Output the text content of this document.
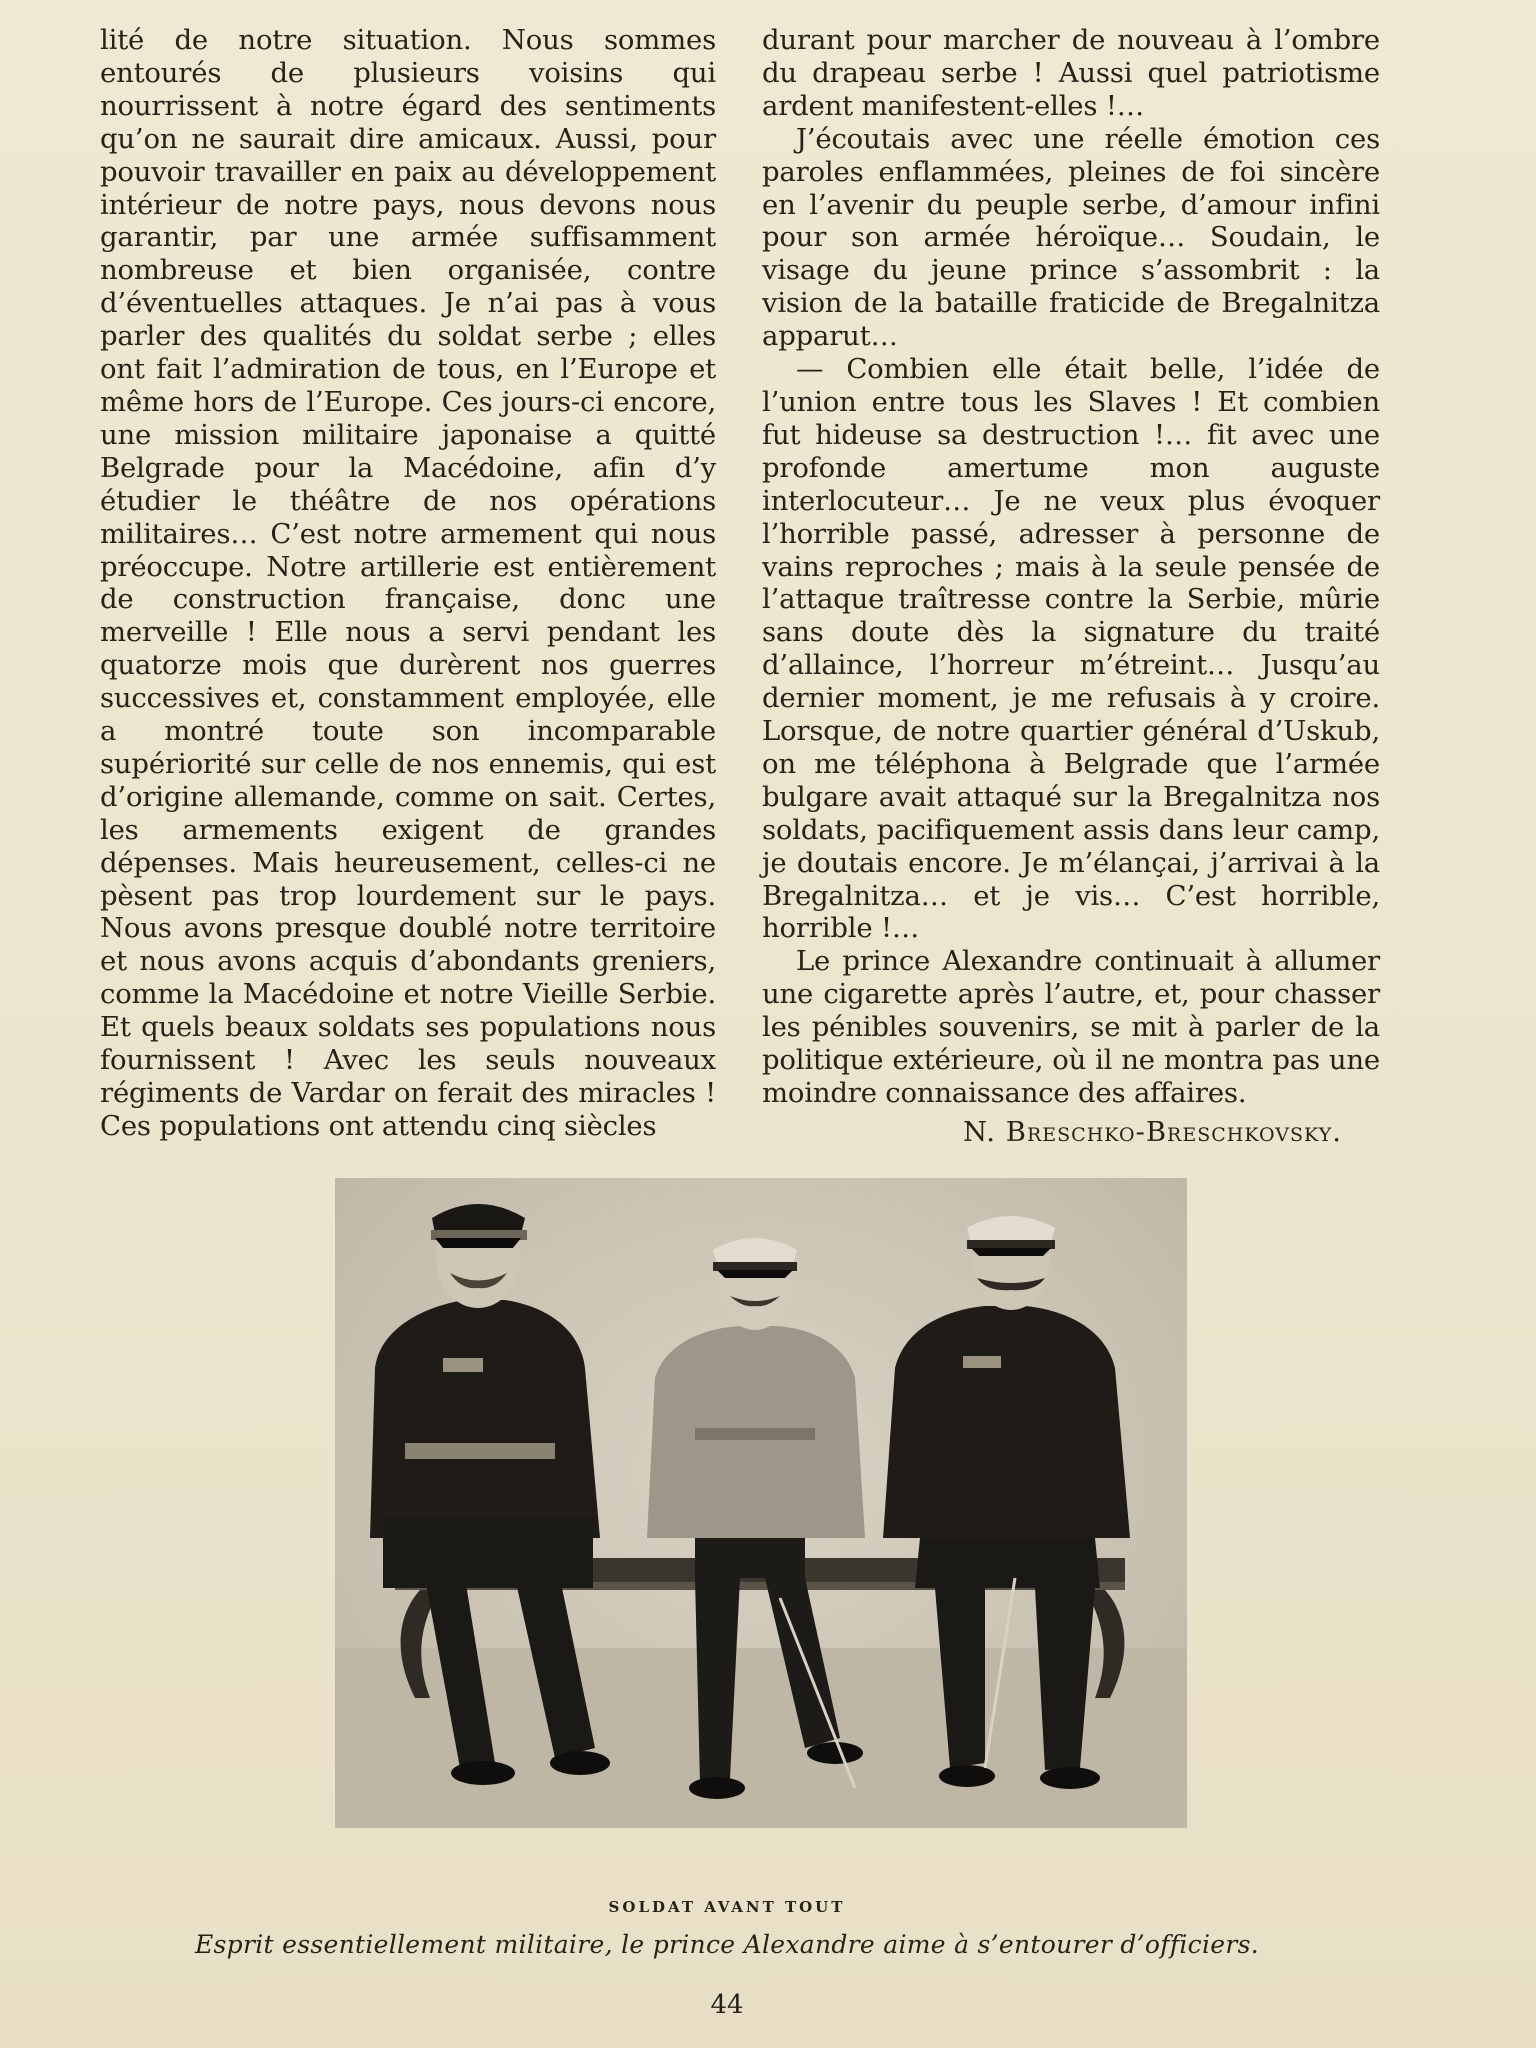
lité de notre situation. Nous sommes entourés de plusieurs voisins qui nourrissent à notre égard des sentiments qu’on ne saurait dire amicaux. Aussi, pour pouvoir travailler en paix au développement intérieur de notre pays, nous devons nous garantir, par une armée suffisamment nombreuse et bien organisée, contre d’éventuelles attaques. Je n’ai pas à vous parler des qualités du soldat serbe ; elles ont fait l’admiration de tous, en l’Europe et même hors de l’Europe. Ces jours-ci encore, une mission militaire japonaise a quitté Belgrade pour la Macédoine, afin d’y étudier le théâtre de nos opérations militaires… C’est notre armement qui nous préoccupe. Notre artillerie est entièrement de construction française, donc une merveille ! Elle nous a servi pendant les quatorze mois que durèrent nos guerres successives et, constamment employée, elle a montré toute son incomparable supériorité sur celle de nos ennemis, qui est d’origine allemande, comme on sait. Certes, les armements exigent de grandes dépenses. Mais heureusement, celles-ci ne pèsent pas trop lourdement sur le pays. Nous avons presque doublé notre territoire et nous avons acquis d’abondants greniers, comme la Macédoine et notre Vieille Serbie. Et quels beaux soldats ses populations nous fournissent ! Avec les seuls nouveaux régiments de Vardar on ferait des miracles ! Ces populations ont attendu cinq siècles

durant pour marcher de nouveau à l’ombre du drapeau serbe ! Aussi quel patriotisme ardent manifestent-elles !…

J’écoutais avec une réelle émotion ces paroles enflammées, pleines de foi sincère en l’avenir du peuple serbe, d’amour infini pour son armée héroïque… Soudain, le visage du jeune prince s’assombrit : la vision de la bataille fraticide de Bregalnitza apparut…

— Combien elle était belle, l’idée de l’union entre tous les Slaves ! Et combien fut hideuse sa destruction !… fit avec une profonde amertume mon auguste interlocuteur… Je ne veux plus évoquer l’horrible passé, adresser à personne de vains reproches ; mais à la seule pensée de l’attaque traîtresse contre la Serbie, mûrie sans doute dès la signature du traité d’allaince, l’horreur m’étreint… Jusqu’au dernier moment, je me refusais à y croire. Lorsque, de notre quartier général d’Uskub, on me téléphona à Belgrade que l’armée bulgare avait attaqué sur la Bregalnitza nos soldats, pacifiquement assis dans leur camp, je doutais encore. Je m’élançai, j’arrivai à la Bregalnitza… et je vis… C’est horrible, horrible !…

Le prince Alexandre continuait à allumer une cigarette après l’autre, et, pour chasser les pénibles souvenirs, se mit à parler de la politique extérieure, où il ne montra pas une moindre connaissance des affaires.

N. Breschko-Breschkovsky.

SOLDAT AVANT TOUT
Esprit essentiellement militaire, le prince Alexandre aime à s’entourer d’officiers.
44
